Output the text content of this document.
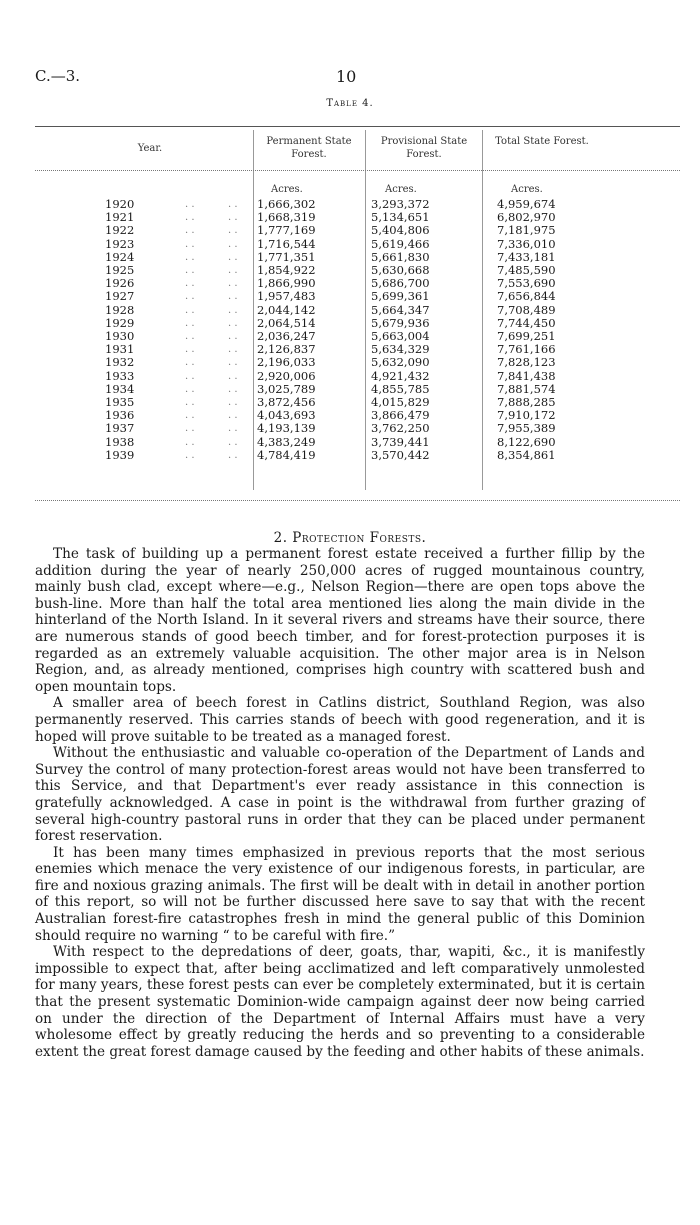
C.—3.	10
Table 4.
Year.
Permanent State Forest.
Provisional State Forest.
Total State Forest.
Acres.	Acres.	Acres.
1920	. .	. . 1,666,302	3,293,372	4,959,674
1921	. .	. . 1,668,319	5,134,651	6,802,970
1922	. .	. . 1,777,169	5,404,806	7,181,975
1923	. .	. . 1,716,544	5,619,466	7,336,010
1924	. .	. . 1,771,351	5,661,830	7,433,181
1925	. .	. . 1,854,922	5,630,668	7,485,590
1926	. .	. . 1,866,990	5,686,700	7,553,690
1927	. .	. . 1,957,483	5,699,361	7,656,844
1928	. .	. . 2,044,142	5,664,347	7,708,489
1929	. .	. . 2,064,514	5,679,936	7,744,450
1930	. .	. . 2,036,247	5,663,004	7,699,251
1931	. .	. . 2,126,837	5,634,329	7,761,166
1932	. .	. . 2,196,033	5,632,090	7,828,123
1933	. .	. . 2,920,006	4,921,432	7,841,438
1934	. .	. . 3,025,789	4,855,785	7,881,574
1935	. .	. . 3,872,456	4,015,829	7,888,285
1936	. .	. . 4,043,693	3,866,479	7,910,172
1937	. .	. . 4,193,139	3,762,250	7,955,389
1938	. .	. . 4,383,249	3,739,441	8,122,690
1939	. .	. . 4,784,419	3,570,442	8,354,861
2. Protection Forests.

The task of building up a permanent forest estate received a further fillip by the addition during the year of nearly 250,000 acres of rugged mountainous country, mainly bush clad, except where—e.g., Nelson Region—there are open tops above the bush-line. More than half the total area mentioned lies along the main divide in the hinterland of the North Island. In it several rivers and streams have their source, there are numerous stands of good beech timber, and for forest-protection purposes it is regarded as an extremely valuable acquisition. The other major area is in Nelson Region, and, as already mentioned, comprises high country with scattered bush and open mountain tops.

A smaller area of beech forest in Catlins district, Southland Region, was also permanently reserved. This carries stands of beech with good regeneration, and it is hoped will prove suitable to be treated as a managed forest.

Without the enthusiastic and valuable co-operation of the Department of Lands and Survey the control of many protection-forest areas would not have been transferred to this Service, and that Department's ever ready assistance in this connection is gratefully acknowledged. A case in point is the withdrawal from further grazing of several high-country pastoral runs in order that they can be placed under permanent forest reservation.

It has been many times emphasized in previous reports that the most serious enemies which menace the very existence of our indigenous forests, in particular, are fire and noxious grazing animals. The first will be dealt with in detail in another portion of this report, so will not be further discussed here save to say that with the recent Australian forest-fire catastrophes fresh in mind the general public of this Dominion should require no warning “ to be careful with fire.”

With respect to the depredations of deer, goats, thar, wapiti, &c., it is manifestly impossible to expect that, after being acclimatized and left comparatively unmolested for many years, these forest pests can ever be completely exterminated, but it is certain that the present systematic Dominion-wide campaign against deer now being carried on under the direction of the Department of Internal Affairs must have a very wholesome effect by greatly reducing the herds and so preventing to a considerable extent the great forest damage caused by the feeding and other habits of these animals.
